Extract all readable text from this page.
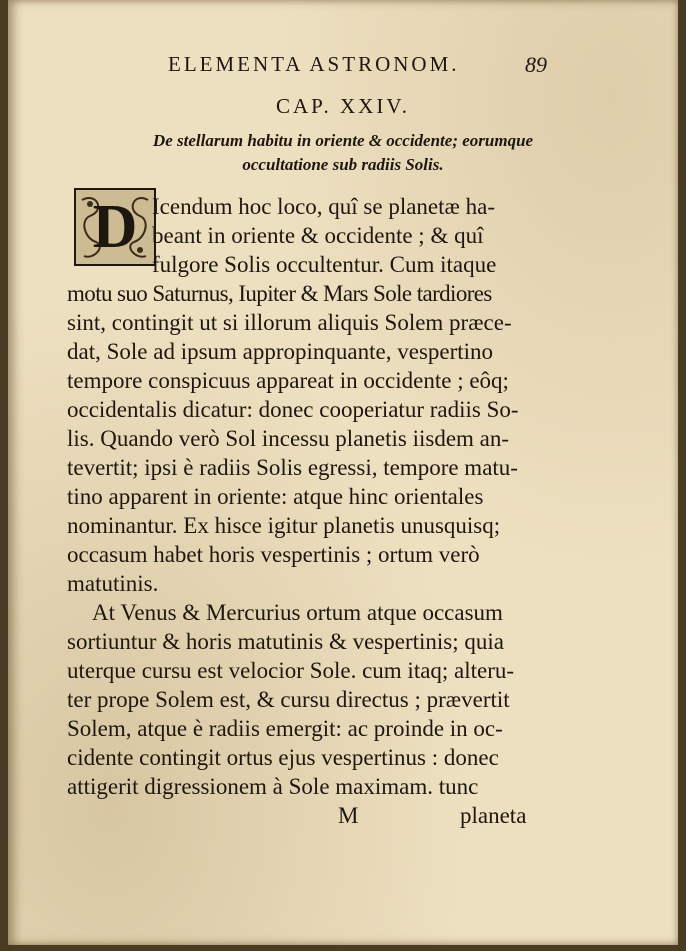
ELEMENTA ASTRONOM.	89
CAP. XXIV.
De stellarum habitu in oriente & occidente; eorumque
occultatione sub radiis Solis.
D Icendum hoc loco, quî se planetæ ha-
beant in oriente & occidente ; & quî
fulgore Solis occultentur. Cum itaque
motu suo Saturnus, Iupiter & Mars Sole tardiores
sint, contingit ut si illorum aliquis Solem præce-
dat, Sole ad ipsum appropinquante, vespertino
tempore conspicuus appareat in occidente ; eôq;
occidentalis dicatur: donec cooperiatur radiis So-
lis. Quando verò Sol incessu planetis iisdem an-
tevertit; ipsi è radiis Solis egressi, tempore matu-
tino apparent in oriente: atque hinc orientales
nominantur. Ex hisce igitur planetis unusquisq;
occasum habet horis vespertinis ; ortum verò
matutinis.
At Venus & Mercurius ortum atque occasum
sortiuntur & horis matutinis & vespertinis; quia
uterque cursu est velocior Sole. cum itaq; alteru-
ter prope Solem est, & cursu directus ; prævertit
Solem, atque è radiis emergit: ac proinde in oc-
cidente contingit ortus ejus vespertinus : donec
attigerit digressionem à Sole maximam. tunc
M	planeta
